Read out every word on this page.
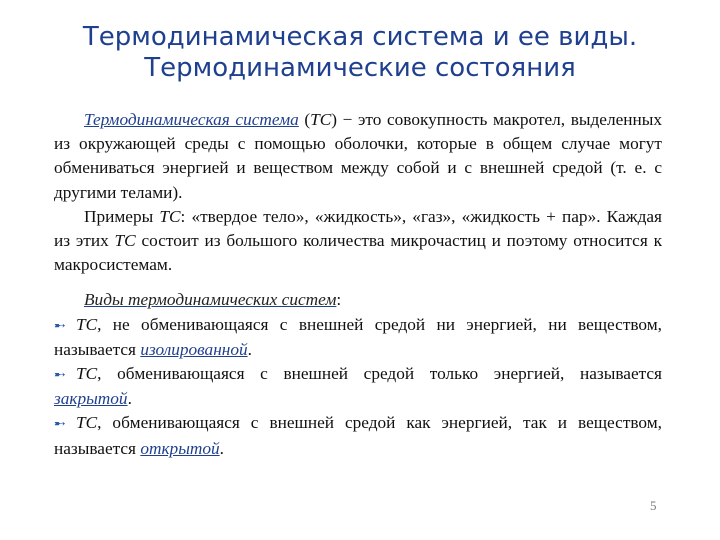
Термодинамическая система и ее виды.
Термодинамические состояния

Термодинамическая система (ТС) − это совокупность макротел, выделенных из окружающей среды с помощью оболочки, которые в общем случае могут обмениваться энергией и веществом между собой и с внешней средой (т. е. с другими телами).

Примеры ТС: «твердое тело», «жидкость», «газ», «жидкость + пар». Каждая из этих ТС состоит из большого количества микрочастиц и поэтому относится к макросистемам.

Виды термодинамических систем:

➸ ТС, не обменивающаяся с внешней средой ни энергией, ни веществом, называется изолированной.

➸ ТС, обменивающаяся с внешней средой только энергией, называется закрытой.

➸ ТС, обменивающаяся с внешней средой как энергией, так и веществом, называется открытой.

5
